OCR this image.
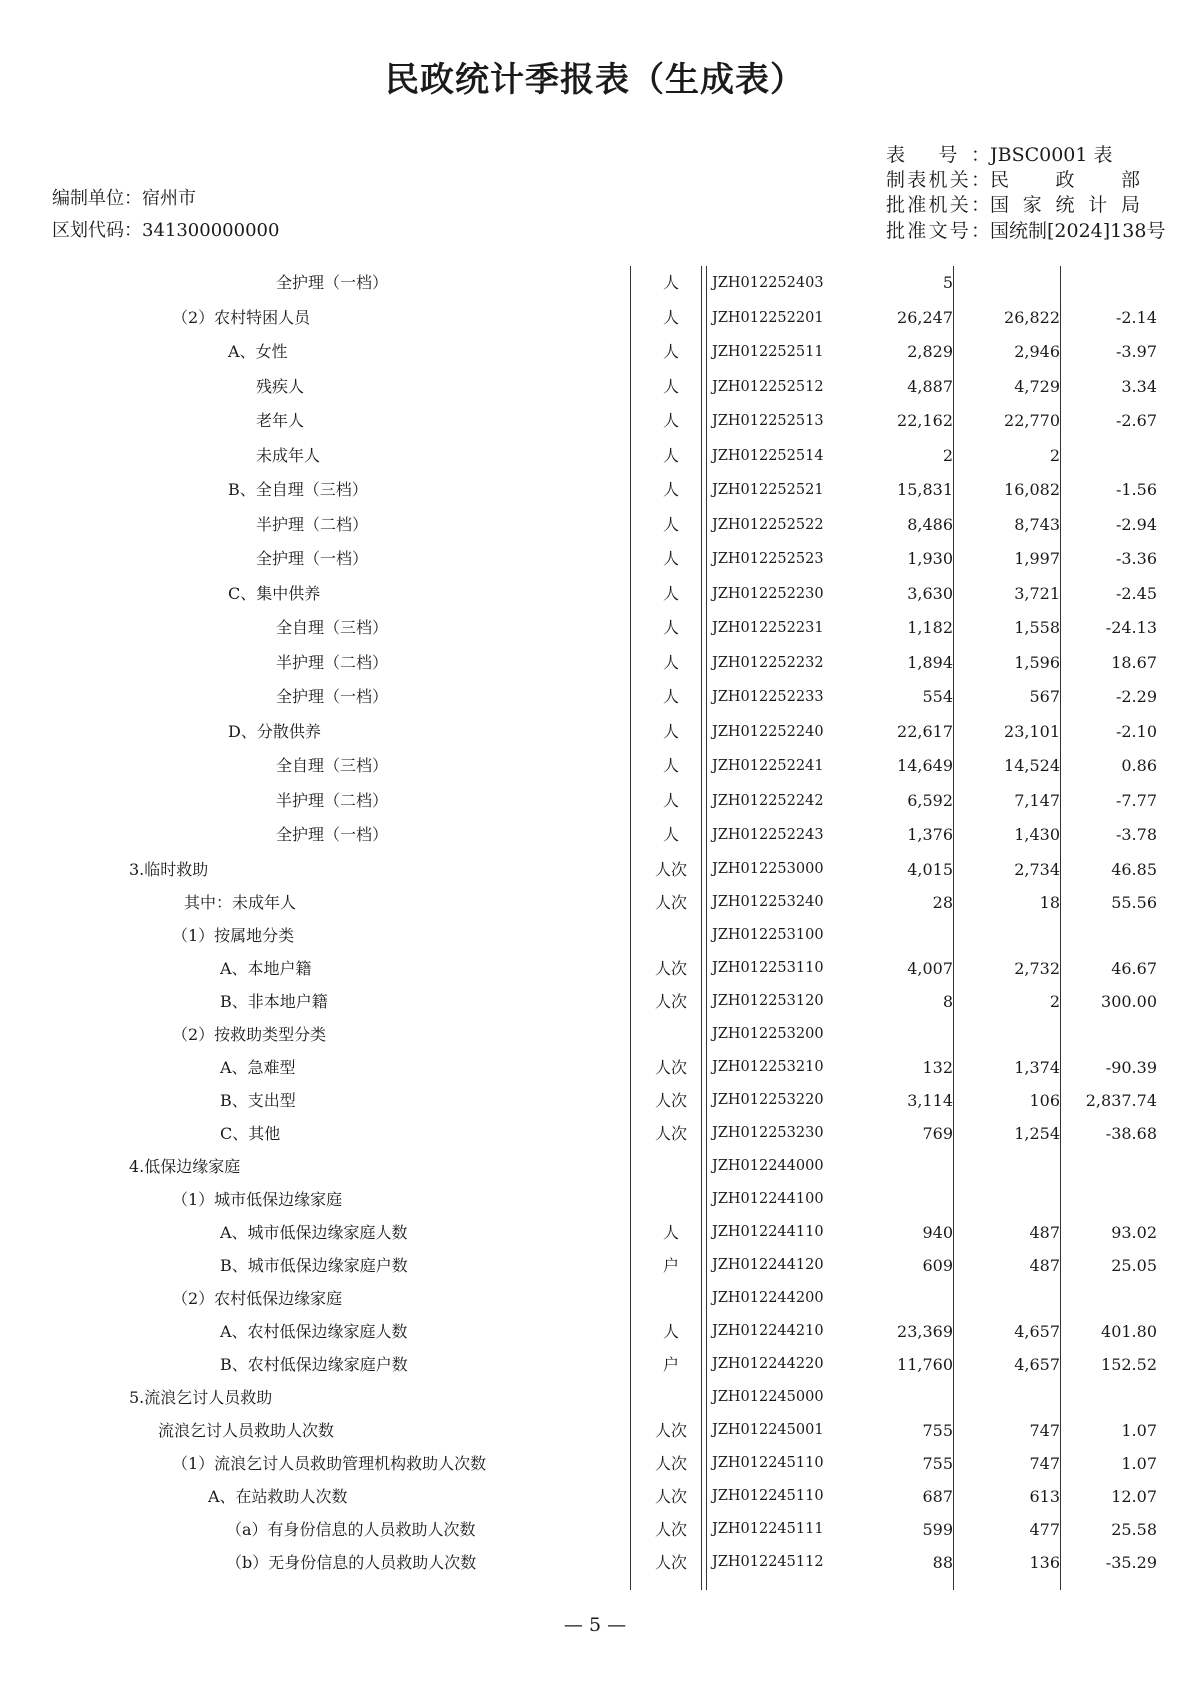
民政统计季报表（生成表）
编制单位：宿州市
区划代码：341300000000
表 号：JBSC0001 表
制表机关：民 政 部
批准机关：国 家 统 计 局
批准文号：国统制[2024]138号
全护理（一档）	人	JZH012252403	5
（2）农村特困人员	人	JZH012252201	26,247	26,822	-2.14
A、女性	人	JZH012252511	2,829	2,946	-3.97
残疾人	人	JZH012252512	4,887	4,729	3.34
老年人	人	JZH012252513	22,162	22,770	-2.67
未成年人	人	JZH012252514	2	2
B、全自理（三档）	人	JZH012252521	15,831	16,082	-1.56
半护理（二档）	人	JZH012252522	8,486	8,743	-2.94
全护理（一档）	人	JZH012252523	1,930	1,997	-3.36
C、集中供养	人	JZH012252230	3,630	3,721	-2.45
全自理（三档）	人	JZH012252231	1,182	1,558	-24.13
半护理（二档）	人	JZH012252232	1,894	1,596	18.67
全护理（一档）	人	JZH012252233	554	567	-2.29
D、分散供养	人	JZH012252240	22,617	23,101	-2.10
全自理（三档）	人	JZH012252241	14,649	14,524	0.86
半护理（二档）	人	JZH012252242	6,592	7,147	-7.77
全护理（一档）	人	JZH012252243	1,376	1,430	-3.78
3.临时救助	人次	JZH012253000	4,015	2,734	46.85
其中：未成年人	人次	JZH012253240	28	18	55.56
（1）按属地分类	JZH012253100
A、本地户籍	人次	JZH012253110	4,007	2,732	46.67
B、非本地户籍	人次	JZH012253120	8	2	300.00
（2）按救助类型分类	JZH012253200
A、急难型	人次	JZH012253210	132	1,374	-90.39
B、支出型	人次	JZH012253220	3,114	106	2,837.74
C、其他	人次	JZH012253230	769	1,254	-38.68
4.低保边缘家庭	JZH012244000
（1）城市低保边缘家庭	JZH012244100
A、城市低保边缘家庭人数	人	JZH012244110	940	487	93.02
B、城市低保边缘家庭户数	户	JZH012244120	609	487	25.05
（2）农村低保边缘家庭	JZH012244200
A、农村低保边缘家庭人数	人	JZH012244210	23,369	4,657	401.80
B、农村低保边缘家庭户数	户	JZH012244220	11,760	4,657	152.52
5.流浪乞讨人员救助	JZH012245000
流浪乞讨人员救助人次数	人次	JZH012245001	755	747	1.07
（1）流浪乞讨人员救助管理机构救助人次数	人次	JZH012245110	755	747	1.07
A、在站救助人次数	人次	JZH012245110	687	613	12.07
（a）有身份信息的人员救助人次数	人次	JZH012245111	599	477	25.58
（b）无身份信息的人员救助人次数	人次	JZH012245112	88	136	-35.29
— 5 —
